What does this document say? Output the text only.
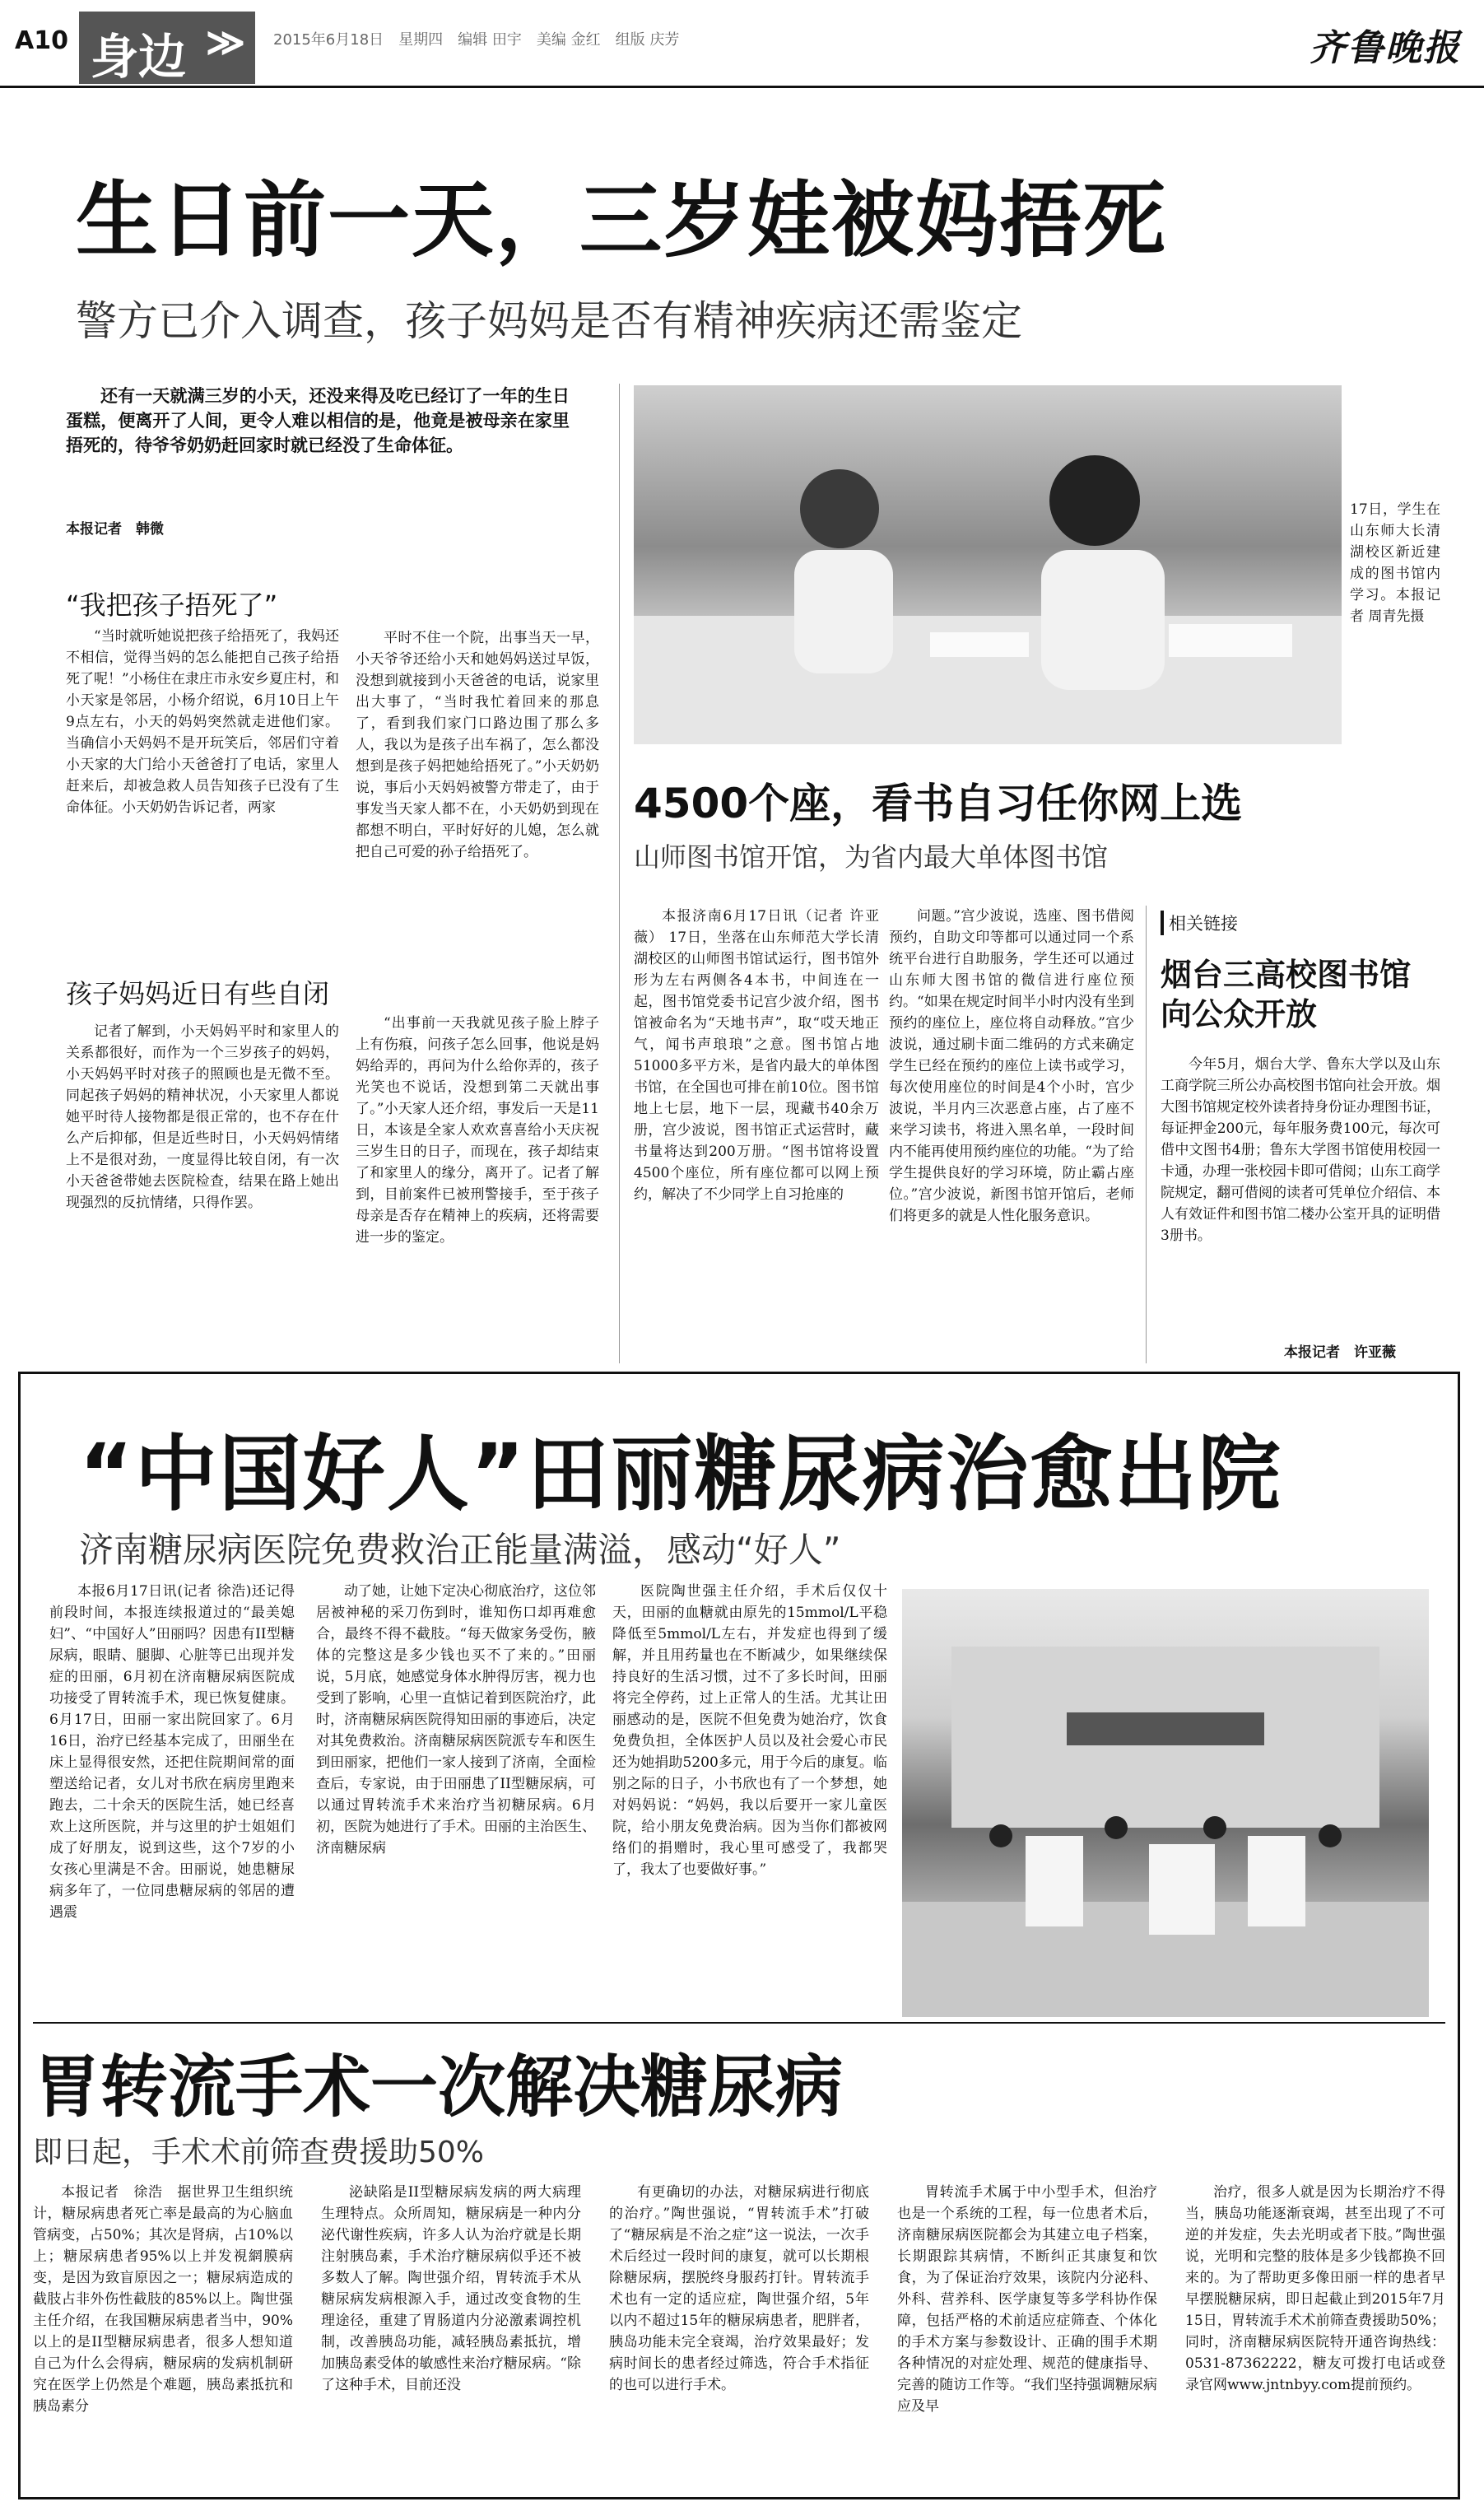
A10 身边 ≫ 2015年6月18日　星期四　编辑 田宇　美编 金红　组版 庆芳	齐鲁晚报
生日前一天，三岁娃被妈捂死
警方已介入调查，孩子妈妈是否有精神疾病还需鉴定

还有一天就满三岁的小天，还没来得及吃已经订了一年的生日蛋糕，便离开了人间，更令人难以相信的是，他竟是被母亲在家里捂死的，待爷爷奶奶赶回家时就已经没了生命体征。

本报记者　韩微
“我把孩子捂死了”

“当时就听她说把孩子给捂死了，我妈还不相信，觉得当妈的怎么能把自己孩子给捂死了呢！”小杨住在隶庄市永安乡夏庄村，和小天家是邻居，小杨介绍说，6月10日上午9点左右，小天的妈妈突然就走进他们家。当确信小天妈妈不是开玩笑后，邻居们守着小天家的大门给小天爸爸打了电话，家里人赶来后，却被急救人员告知孩子已没有了生命体征。小天奶奶告诉记者，两家

平时不住一个院，出事当天一早，小天爷爷还给小天和她妈妈送过早饭，没想到就接到小天爸爸的电话，说家里出大事了，“当时我忙着回来的那息了，看到我们家门口路边围了那么多人，我以为是孩子出车祸了，怎么都没想到是孩子妈把她给捂死了。”小天奶奶说，事后小天妈妈被警方带走了，由于事发当天家人都不在，小天奶奶到现在都想不明白，平时好好的儿媳，怎么就把自己可爱的孙子给捂死了。

孩子妈妈近日有些自闭

记者了解到，小天妈妈平时和家里人的关系都很好，而作为一个三岁孩子的妈妈，小天妈妈平时对孩子的照顾也是无微不至。同起孩子妈妈的精神状况，小天家里人都说她平时待人接物都是很正常的，也不存在什么产后抑郁，但是近些时日，小天妈妈情绪上不是很对劲，一度显得比较自闭，有一次小天爸爸带她去医院检查，结果在路上她出现强烈的反抗情绪，只得作罢。

“出事前一天我就见孩子脸上脖子上有伤痕，问孩子怎么回事，他说是妈妈给弄的，再问为什么给你弄的，孩子光笑也不说话，没想到第二天就出事了。”小天家人还介绍，事发后一天是11日，本该是全家人欢欢喜喜给小天庆祝三岁生日的日子，而现在，孩子却结束了和家里人的缘分，离开了。记者了解到，目前案件已被刑警接手，至于孩子母亲是否存在精神上的疾病，还将需要进一步的鉴定。

17日，学生在山东师大长清湖校区新近建成的图书馆内学习。本报记者 周青先摄

4500个座，看书自习任你网上选
山师图书馆开馆，为省内最大单体图书馆

本报济南6月17日讯（记者 许亚薇） 17日，坐落在山东师范大学长清湖校区的山师图书馆试运行，图书馆外形为左右两侧各4本书，中间连在一起，图书馆党委书记宫少波介绍，图书馆被命名为“天地书声”，取“哎天地正气，闻书声琅琅”之意。图书馆占地51000多平方米，是省内最大的单体图书馆，在全国也可排在前10位。图书馆地上七层，地下一层，现藏书40余万册，宫少波说，图书馆正式运营时，藏书量将达到200万册。“图书馆将设置4500个座位，所有座位都可以网上预约，解决了不少同学上自习抢座的

问题。”宫少波说，选座、图书借阅预约，自助文印等都可以通过同一个系统平台进行自助服务，学生还可以通过山东师大图书馆的微信进行座位预约。“如果在规定时间半小时内没有坐到预约的座位上，座位将自动释放。”宫少波说，通过刷卡面二维码的方式来确定学生已经在预约的座位上读书或学习，每次使用座位的时间是4个小时，宫少波说，半月内三次恶意占座，占了座不来学习读书，将进入黑名单，一段时间内不能再使用预约座位的功能。“为了给学生提供良好的学习环境，防止霸占座位。”宫少波说，新图书馆开馆后，老师们将更多的就是人性化服务意识。

相关链接
烟台三高校图书馆向公众开放

今年5月，烟台大学、鲁东大学以及山东工商学院三所公办高校图书馆向社会开放。烟大图书馆规定校外读者持身份证办理图书证，每证押金200元，每年服务费100元，每次可借中文图书4册；鲁东大学图书馆使用校园一卡通，办理一张校园卡即可借阅；山东工商学院规定，翻可借阅的读者可凭单位介绍信、本人有效证件和图书馆二楼办公室开具的证明借3册书。

本报记者　许亚薇
“中国好人”田丽糖尿病治愈出院
济南糖尿病医院免费救治正能量满溢，感动“好人”

本报6月17日讯(记者 徐浩)还记得前段时间，本报连续报道过的“最美媳妇”、“中国好人”田丽吗？因患有II型糖尿病，眼睛、腿脚、心脏等已出现并发症的田丽，6月初在济南糖尿病医院成功接受了胃转流手术，现已恢复健康。6月17日，田丽一家出院回家了。6月16日，治疗已经基本完成了，田丽坐在床上显得很安然，还把住院期间常的面塑送给记者，女儿对书欣在病房里跑来跑去，二十余天的医院生活，她已经喜欢上这所医院，并与这里的护士姐姐们成了好朋友，说到这些，这个7岁的小女孩心里满是不舍。田丽说，她患糖尿病多年了，一位同患糖尿病的邻居的遭遇震

动了她，让她下定决心彻底治疗，这位邻居被神秘的采刀伤到时，谁知伤口却再难愈合，最终不得不截肢。“每天做家务受伤，腋体的完整这是多少钱也买不了来的。”田丽说，5月底，她感觉身体水肿得厉害，视力也受到了影响，心里一直惦记着到医院治疗，此时，济南糖尿病医院得知田丽的事迹后，决定对其免费救治。济南糖尿病医院派专车和医生到田丽家，把他们一家人接到了济南，全面检查后，专家说，由于田丽患了II型糖尿病，可以通过胃转流手术来治疗当初糖尿病。6月初，医院为她进行了手术。田丽的主治医生、济南糖尿病

医院陶世强主任介绍，手术后仅仅十天，田丽的血糖就由原先的15mmol/L平稳降低至5mmol/L左右，并发症也得到了缓解，并且用药量也在不断减少，如果继续保持良好的生活习惯，过不了多长时间，田丽将完全停药，过上正常人的生活。尤其让田丽感动的是，医院不但免费为她治疗，饮食免费负担，全体医护人员以及社会爱心市民还为她捐助5200多元，用于今后的康复。临别之际的日子，小书欣也有了一个梦想，她对妈妈说：“妈妈，我以后要开一家儿童医院，给小朋友免费治病。因为当你们都被网络们的捐赠时，我心里可感受了，我都哭了，我太了也要做好事。”

胃转流手术一次解决糖尿病
即日起，手术术前筛查费援助50%

本报记者　徐浩　据世界卫生组织统计，糖尿病患者死亡率是最高的为心脑血管病变，占50%；其次是肾病，占10%以上；糖尿病患者95%以上并发視網膜病变，是因为致盲原因之一；糖尿病造成的截肢占非外伤性截肢的85%以上。陶世强主任介绍，在我国糖尿病患者当中，90%以上的是II型糖尿病患者，很多人想知道自己为什么会得病，糖尿病的发病机制研究在医学上仍然是个难题，胰岛素抵抗和胰岛素分

泌缺陷是II型糖尿病发病的两大病理生理特点。众所周知，糖尿病是一种内分泌代谢性疾病，许多人认为治疗就是长期注射胰岛素，手术治疗糖尿病似乎还不被多数人了解。陶世强介绍，胃转流手术从糖尿病发病根源入手，通过改变食物的生理途径，重建了胃肠道内分泌激素调控机制，改善胰岛功能，减轻胰岛素抵抗，增加胰岛素受体的敏感性来治疗糖尿病。“除了这种手术，目前还没

有更确切的办法，对糖尿病进行彻底的治疗。”陶世强说，“胃转流手术”打破了“糖尿病是不治之症”这一说法，一次手术后经过一段时间的康复，就可以长期根除糖尿病，摆脱终身服药打针。胃转流手术也有一定的适应症，陶世强介绍，5年以内不超过15年的糖尿病患者，肥胖者，胰岛功能未完全衰竭，治疗效果最好；发病时间长的患者经过筛选，符合手术指征的也可以进行手术。

胃转流手术属于中小型手术，但治疗也是一个系统的工程，每一位患者术后，济南糖尿病医院都会为其建立电子档案，长期跟踪其病情，不断纠正其康复和饮食，为了保证治疗效果，该院内分泌科、外科、营养科、医学康复等多学科协作保障，包括严格的术前适应症筛查、个体化的手术方案与参数设计、正确的围手术期各种情况的对症处理、规范的健康指导、完善的随访工作等。“我们坚持强调糖尿病应及早

治疗，很多人就是因为长期治疗不得当，胰岛功能逐渐衰竭，甚至出现了不可逆的并发症，失去光明或者下肢。”陶世强说，光明和完整的肢体是多少钱都换不回来的。为了帮助更多像田丽一样的患者早早摆脱糖尿病，即日起截止到2015年7月15日，胃转流手术术前筛查费援助50%；同时，济南糖尿病医院特开通咨询热线：0531-87362222，糖友可拨打电话或登录官网www.jntnbyy.com提前预约。
